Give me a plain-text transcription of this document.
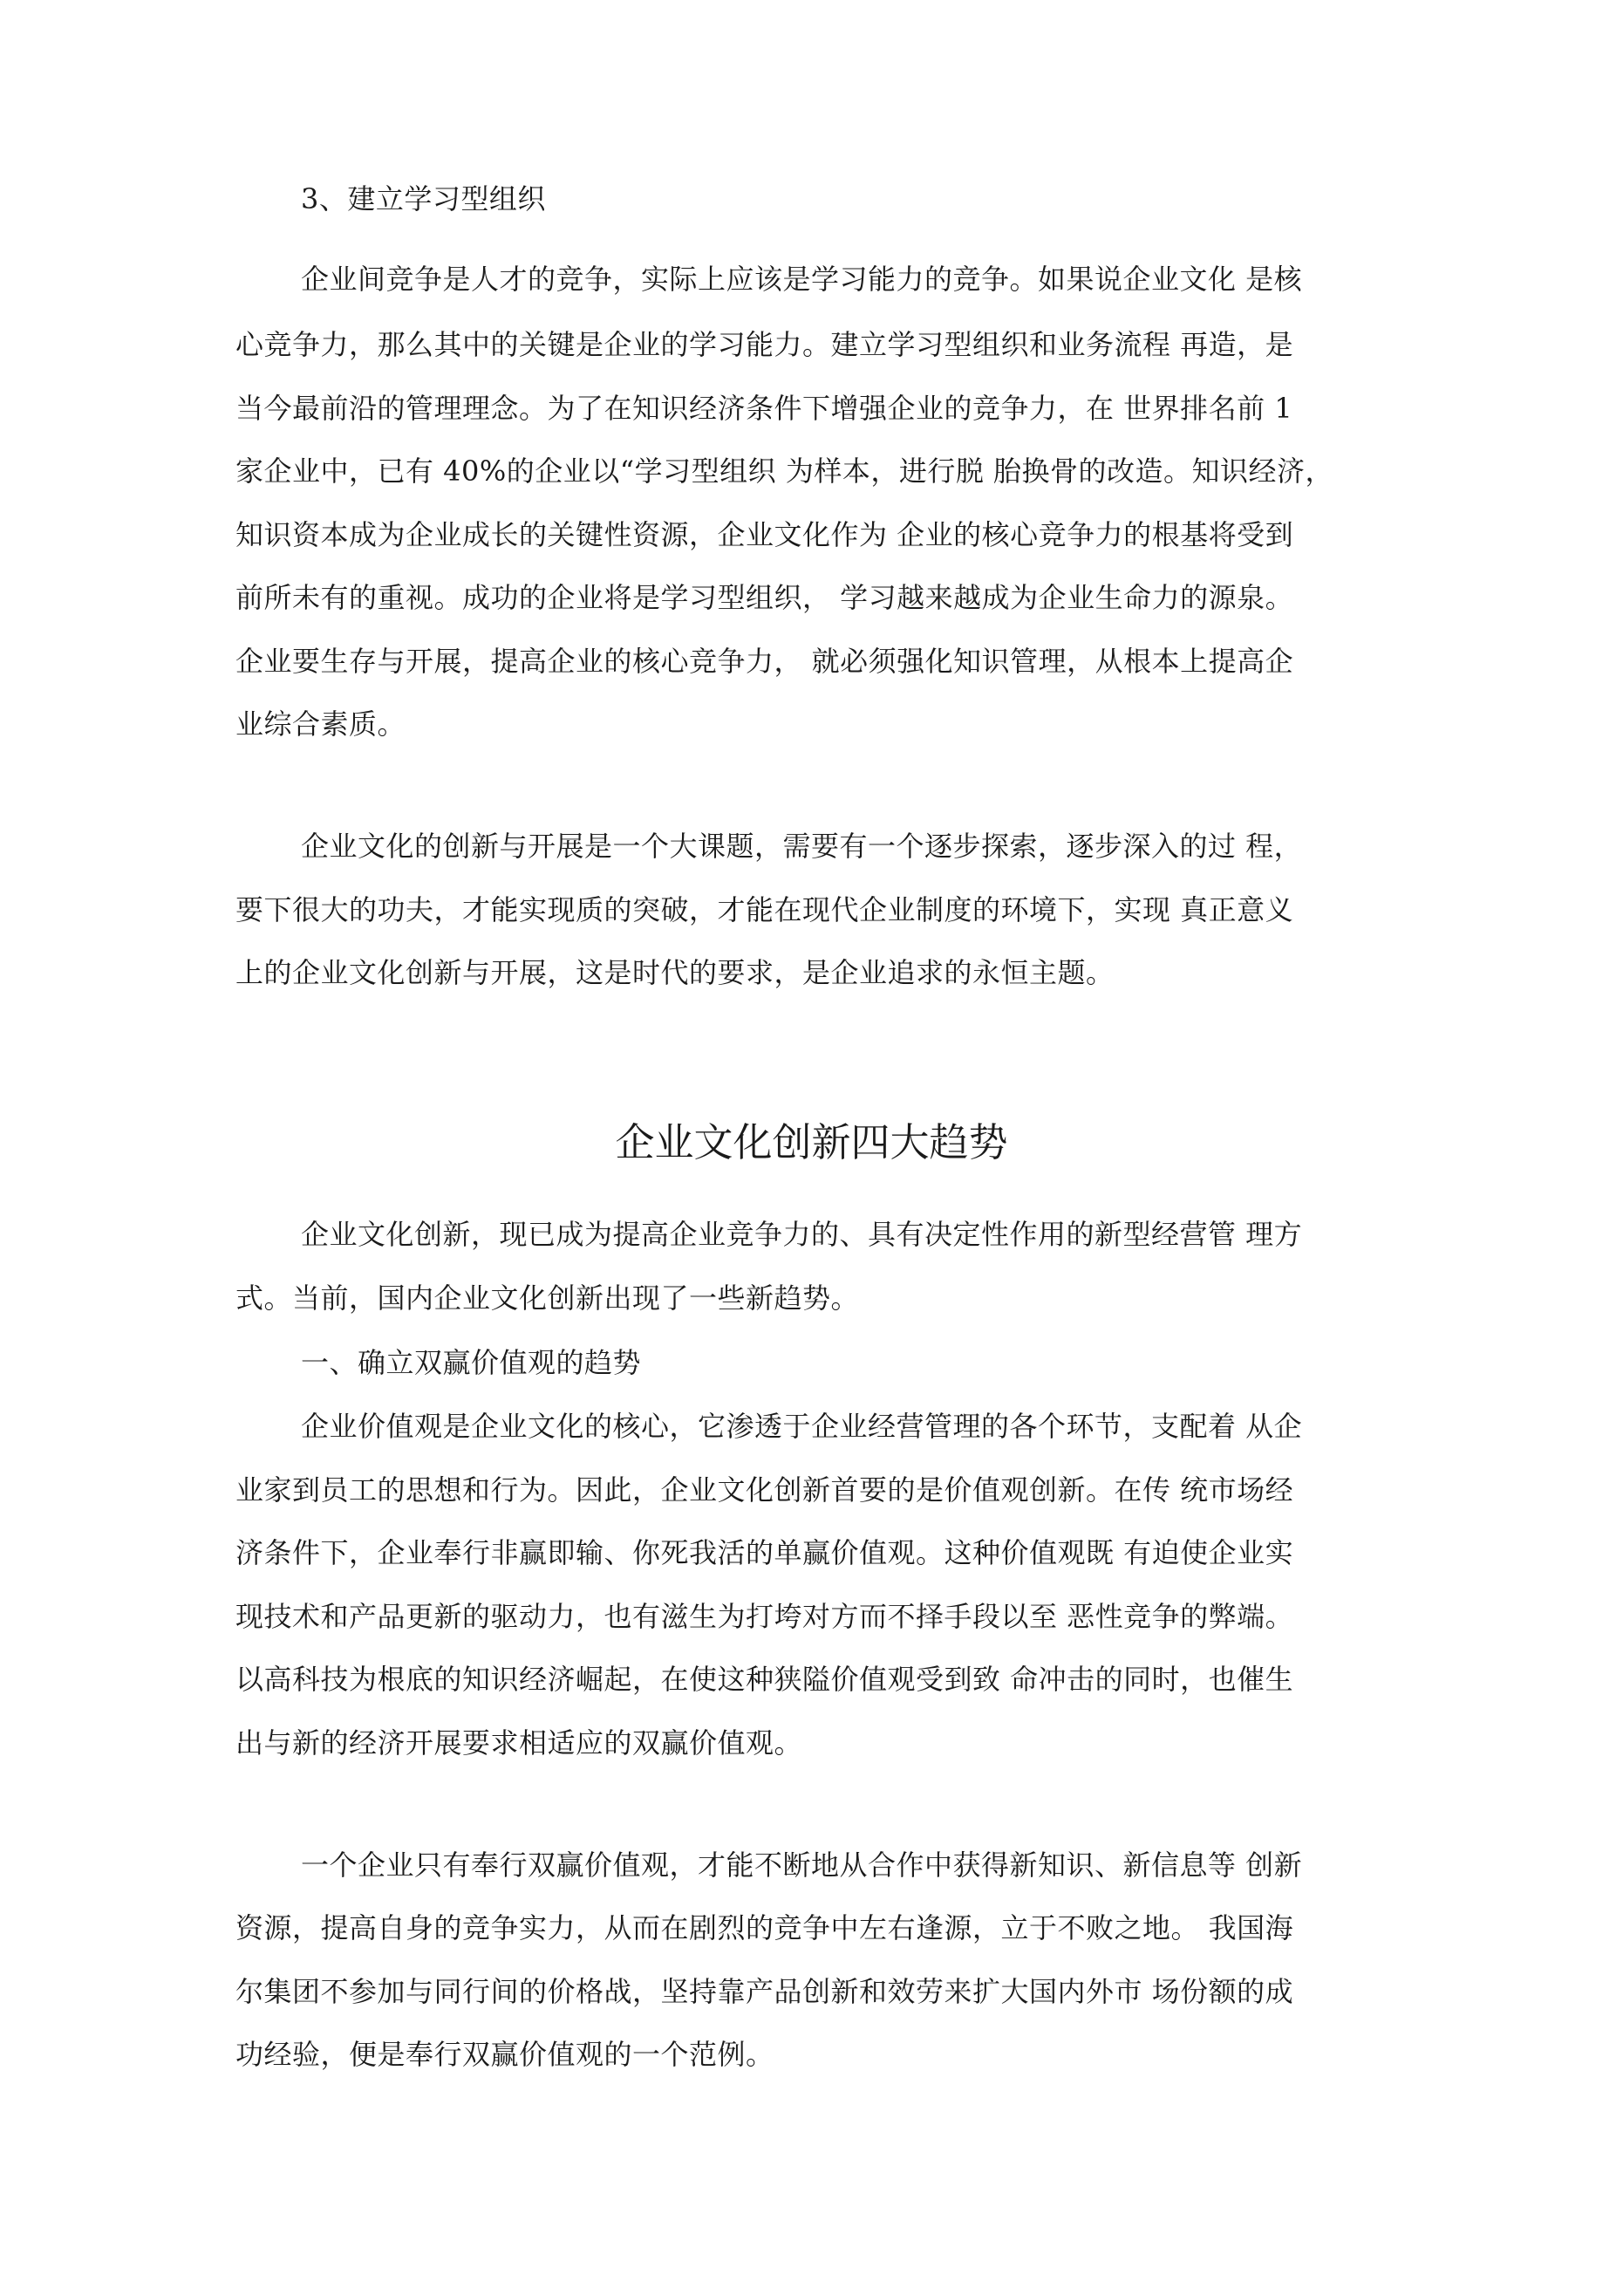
3、建立学习型组织
企业间竞争是人才的竞争，实际上应该是学习能力的竞争。如果说企业文化 是核
心竞争力，那么其中的关键是企业的学习能力。建立学习型组织和业务流程 再造，是
当今最前沿的管理理念。为了在知识经济条件下增强企业的竞争力，在 世界排名前 1
家企业中，已有 40%的企业以“学习型组织 为样本，进行脱 胎换骨的改造。知识经济，
知识资本成为企业成长的关键性资源，企业文化作为 企业的核心竞争力的根基将受到
前所未有的重视。成功的企业将是学习型组织， 学习越来越成为企业生命力的源泉。
企业要生存与开展，提高企业的核心竞争力， 就必须强化知识管理，从根本上提高企
业综合素质。
企业文化的创新与开展是一个大课题，需要有一个逐步探索，逐步深入的过 程，
要下很大的功夫，才能实现质的突破，才能在现代企业制度的环境下，实现 真正意义
上的企业文化创新与开展，这是时代的要求，是企业追求的永恒主题。
企业文化创新四大趋势
企业文化创新，现已成为提高企业竞争力的、具有决定性作用的新型经营管 理方
式。当前，国内企业文化创新出现了一些新趋势。
一、确立双赢价值观的趋势
企业价值观是企业文化的核心，它渗透于企业经营管理的各个环节，支配着 从企
业家到员工的思想和行为。因此，企业文化创新首要的是价值观创新。在传 统市场经
济条件下，企业奉行非赢即输、你死我活的单赢价值观。这种价值观既 有迫使企业实
现技术和产品更新的驱动力，也有滋生为打垮对方而不择手段以至 恶性竞争的弊端。
以高科技为根底的知识经济崛起，在使这种狭隘价值观受到致 命冲击的同时，也催生
出与新的经济开展要求相适应的双赢价值观。
一个企业只有奉行双赢价值观，才能不断地从合作中获得新知识、新信息等 创新
资源，提高自身的竞争实力，从而在剧烈的竞争中左右逢源，立于不败之地。 我国海
尔集团不参加与同行间的价格战，坚持靠产品创新和效劳来扩大国内外市 场份额的成
功经验，便是奉行双赢价值观的一个范例。
